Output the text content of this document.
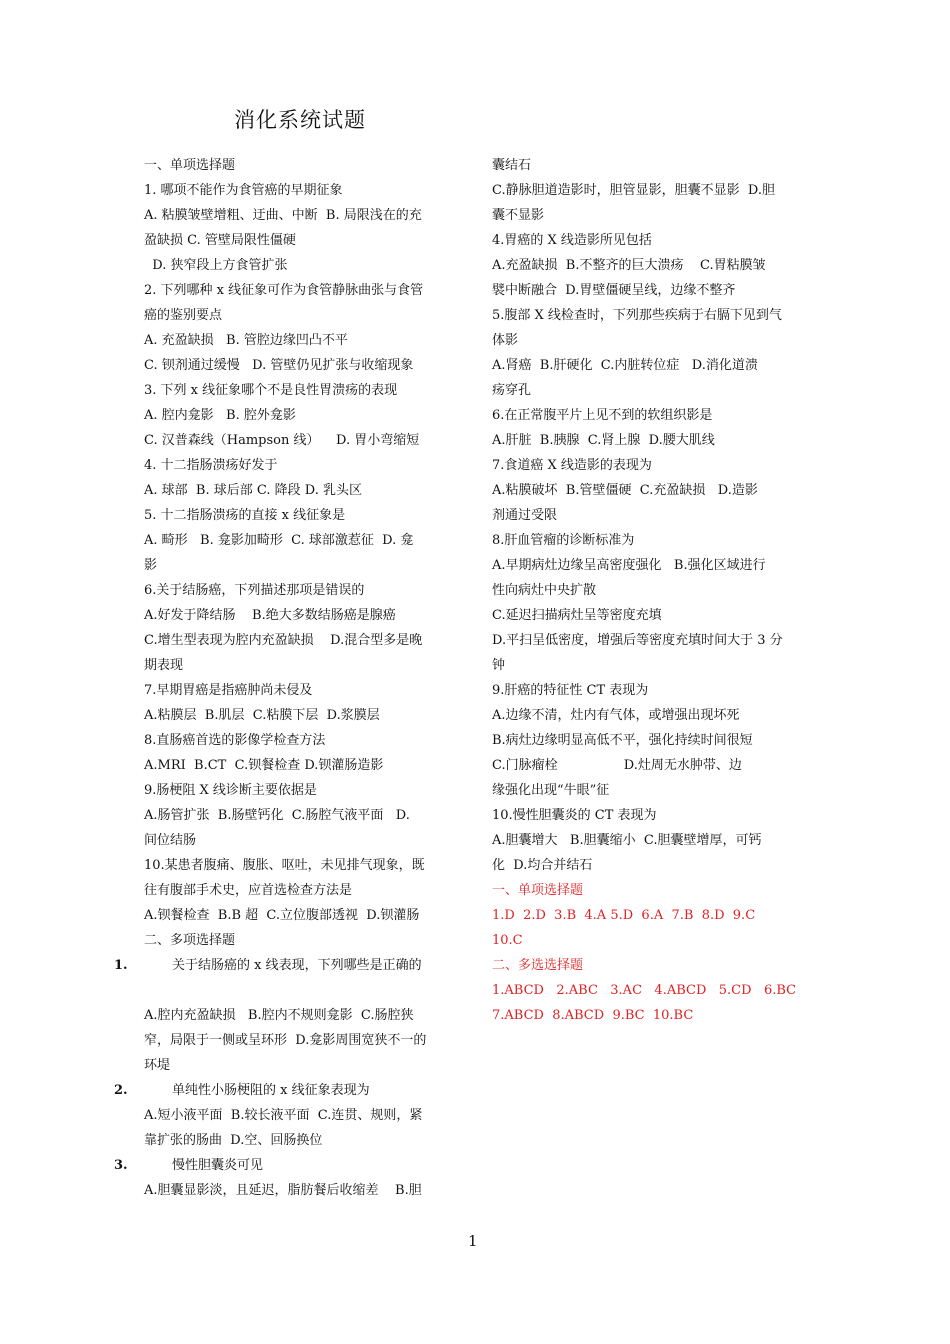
消化系统试题
一、单项选择题
1. 哪项不能作为食管癌的早期征象
A. 粘膜皱壁增粗、迂曲、中断  B. 局限浅在的充
盈缺损 C. 管壁局限性僵硬
D. 狭窄段上方食管扩张
2. 下列哪种 x 线征象可作为食管静脉曲张与食管
癌的鉴别要点
A. 充盈缺损   B. 管腔边缘凹凸不平
C. 钡剂通过缓慢   D. 管壁仍见扩张与收缩现象
3. 下列 x 线征象哪个不是良性胃溃疡的表现
A. 腔内龛影   B. 腔外龛影
C. 汉普森线（Hampson 线）    D. 胃小弯缩短
4. 十二指肠溃疡好发于
A. 球部  B. 球后部 C. 降段 D. 乳头区
5. 十二指肠溃疡的直接 x 线征象是
A. 畸形   B. 龛影加畸形  C. 球部激惹征  D. 龛
影
6.关于结肠癌，下列描述那项是错误的
A.好发于降结肠    B.绝大多数结肠癌是腺癌
C.增生型表现为腔内充盈缺损    D.混合型多是晚
期表现
7.早期胃癌是指癌肿尚未侵及
A.粘膜层  B.肌层  C.粘膜下层  D.浆膜层
8.直肠癌首选的影像学检查方法
A.MRI  B.CT  C.钡餐检查 D.钡灌肠造影
9.肠梗阻 X 线诊断主要依据是
A.肠管扩张  B.肠壁钙化  C.肠腔气液平面   D.
间位结肠
10.某患者腹痛、腹胀、呕吐，未见排气现象，既
往有腹部手术史，应首选检查方法是
A.钡餐检查  B.B 超  C.立位腹部透视  D.钡灌肠
二、多项选择题
1.	关于结肠癌的 x 线表现，下列哪些是正确的

A.腔内充盈缺损   B.腔内不规则龛影  C.肠腔狭
窄，局限于一侧或呈环形  D.龛影周围宽狭不一的
环堤
2.	单纯性小肠梗阻的 x 线征象表现为
A.短小液平面  B.较长液平面  C.连贯、规则，紧
靠扩张的肠曲  D.空、回肠换位
3.	慢性胆囊炎可见
A.胆囊显影淡，且延迟，脂肪餐后收缩差    B.胆
囊结石
C.静脉胆道造影时，胆管显影，胆囊不显影  D.胆
囊不显影
4.胃癌的 X 线造影所见包括
A.充盈缺损  B.不整齐的巨大溃疡    C.胃粘膜皱
襞中断融合  D.胃壁僵硬呈线，边缘不整齐
5.腹部 X 线检查时，下列那些疾病于右膈下见到气
体影
A.肾癌  B.肝硬化  C.内脏转位症   D.消化道溃
疡穿孔
6.在正常腹平片上见不到的软组织影是
A.肝脏  B.胰腺  C.肾上腺  D.腰大肌线
7.食道癌 X 线造影的表现为
A.粘膜破坏  B.管壁僵硬  C.充盈缺损   D.造影
剂通过受限
8.肝血管瘤的诊断标准为
A.早期病灶边缘呈高密度强化   B.强化区域进行
性向病灶中央扩散
C.延迟扫描病灶呈等密度充填
D.平扫呈低密度，增强后等密度充填时间大于 3 分
钟
9.肝癌的特征性 CT 表现为
A.边缘不清，灶内有气体，或增强出现坏死
B.病灶边缘明显高低不平，强化持续时间很短
C.门脉瘤栓                D.灶周无水肿带、边
缘强化出现“牛眼”征
10.慢性胆囊炎的 CT 表现为
A.胆囊增大   B.胆囊缩小  C.胆囊壁增厚，可钙
化  D.均合并结石
一、单项选择题
1.D  2.D  3.B  4.A 5.D  6.A  7.B  8.D  9.C
10.C
二、多选选择题
1.ABCD   2.ABC   3.AC   4.ABCD   5.CD   6.BC
7.ABCD  8.ABCD  9.BC  10.BC
1
